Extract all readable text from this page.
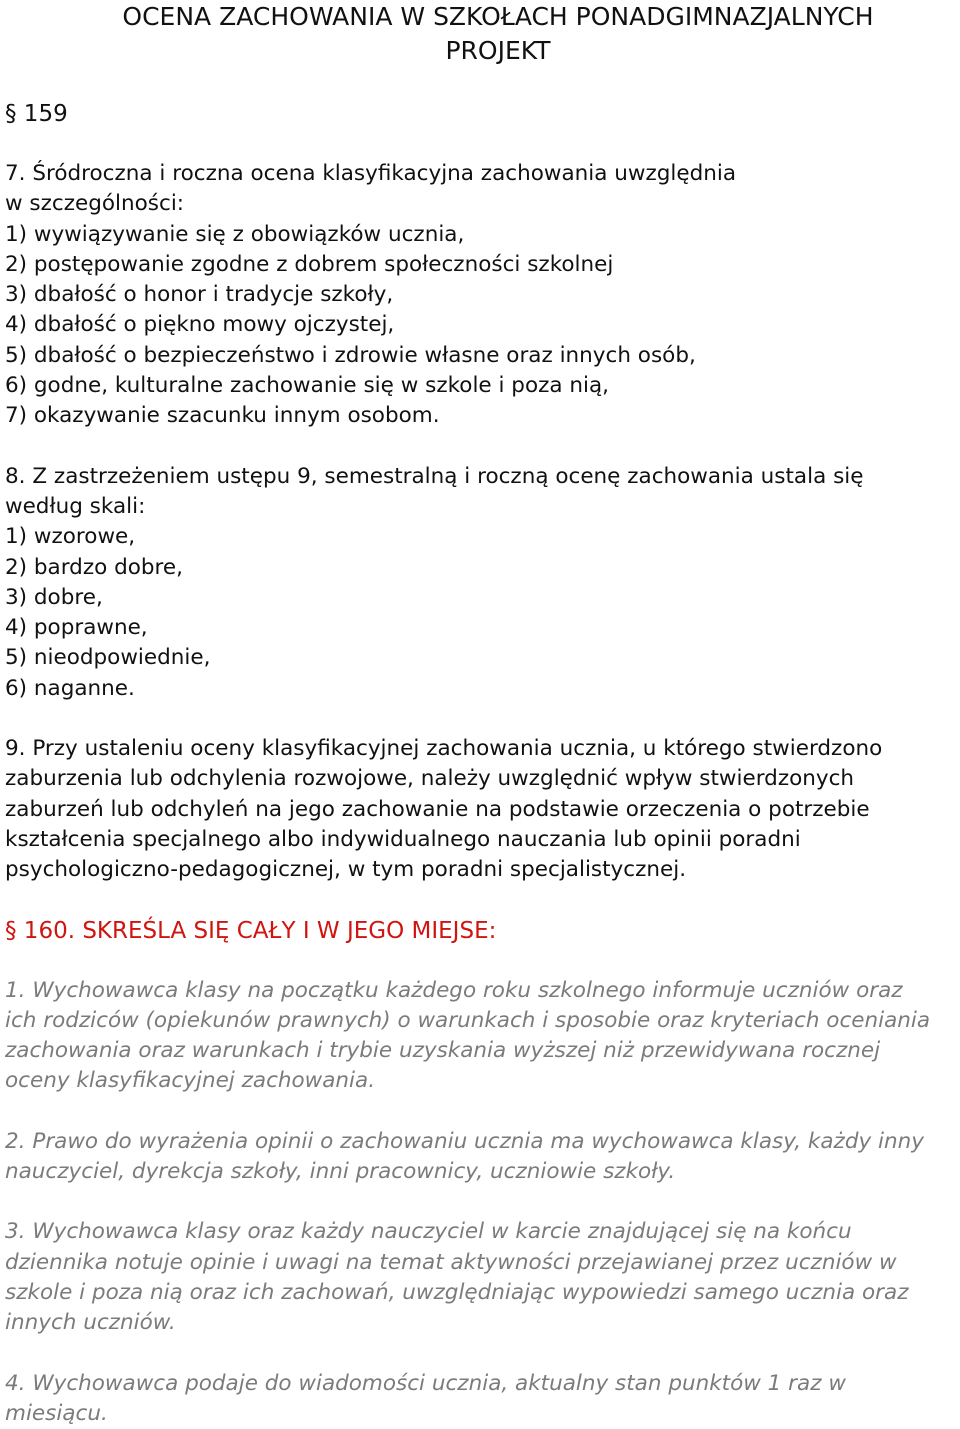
OCENA ZACHOWANIA W SZKOŁACH PONADGIMNAZJALNYCH
PROJEKT

§ 159

7. Śródroczna i roczna ocena klasyfikacyjna zachowania uwzględnia
w szczególności:
1) wywiązywanie się z obowiązków ucznia,
2) postępowanie zgodne z dobrem społeczności szkolnej
3) dbałość o honor i tradycje szkoły,
4) dbałość o piękno mowy ojczystej,
5) dbałość o bezpieczeństwo i zdrowie własne oraz innych osób,
6) godne, kulturalne zachowanie się w szkole i poza nią,
7) okazywanie szacunku innym osobom.
8. Z zastrzeżeniem ustępu 9, semestralną i roczną ocenę zachowania ustala się
według skali:
1) wzorowe,
2) bardzo dobre,
3) dobre,
4) poprawne,
5) nieodpowiednie,
6) naganne.
9. Przy ustaleniu oceny klasyfikacyjnej zachowania ucznia, u którego stwierdzono
zaburzenia lub odchylenia rozwojowe, należy uwzględnić wpływ stwierdzonych
zaburzeń lub odchyleń na jego zachowanie na podstawie orzeczenia o potrzebie
kształcenia specjalnego albo indywidualnego nauczania lub opinii poradni
psychologiczno-pedagogicznej, w tym poradni specjalistycznej.

§ 160. SKREŚLA SIĘ CAŁY I W JEGO MIEJSE:

1. Wychowawca klasy na początku każdego roku szkolnego informuje uczniów oraz
ich rodziców (opiekunów prawnych) o warunkach i sposobie oraz kryteriach oceniania
zachowania oraz warunkach i trybie uzyskania wyższej niż przewidywana rocznej
oceny klasyfikacyjnej zachowania.
2. Prawo do wyrażenia opinii o zachowaniu ucznia ma wychowawca klasy, każdy inny
nauczyciel, dyrekcja szkoły, inni pracownicy, uczniowie szkoły.
3. Wychowawca klasy oraz każdy nauczyciel w karcie znajdującej się na końcu
dziennika notuje opinie i uwagi na temat aktywności przejawianej przez uczniów w
szkole i poza nią oraz ich zachowań, uwzględniając wypowiedzi samego ucznia oraz
innych uczniów.
4. Wychowawca podaje do wiadomości ucznia, aktualny stan punktów 1 raz w
miesiącu.
